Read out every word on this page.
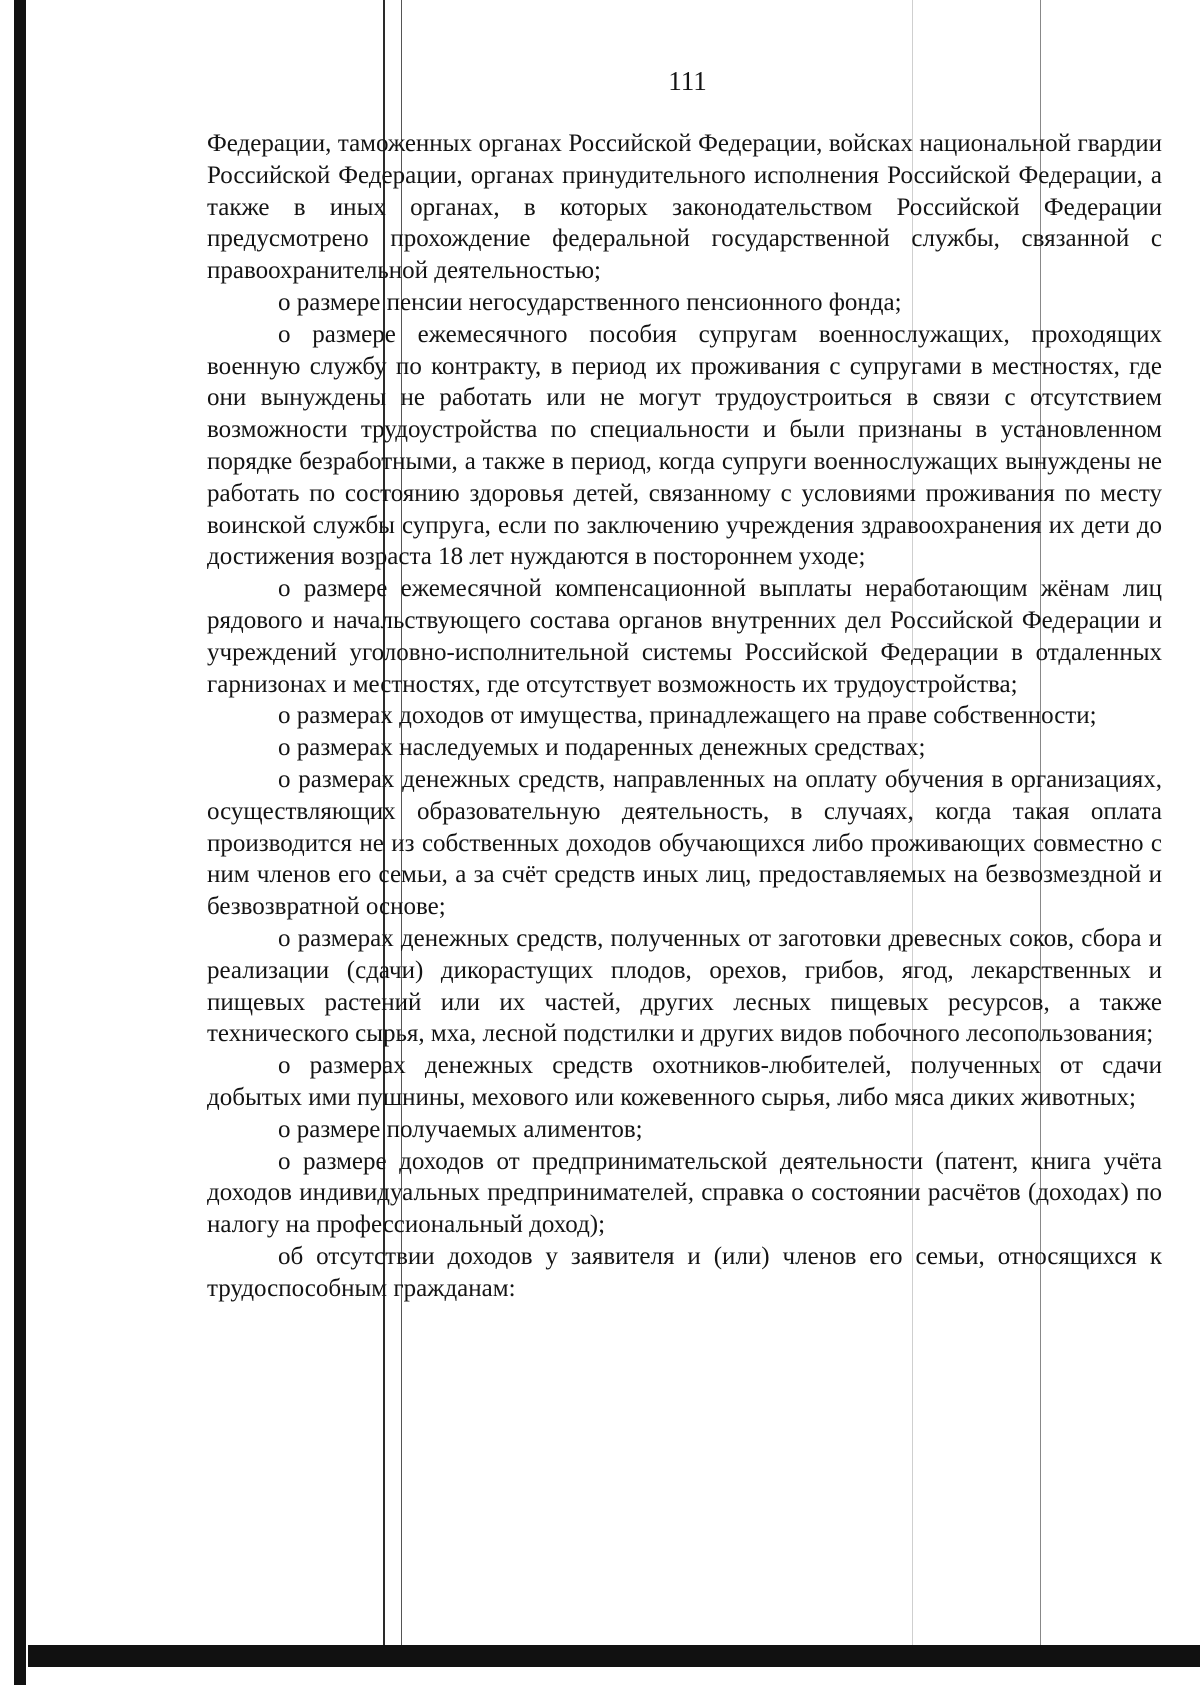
111

Федерации, таможенных органах Российской Федерации, войсках национальной гвардии Российской Федерации, органах принудительного исполнения Российской Федерации, а также в иных органах, в которых законодательством Российской Федерации предусмотрено прохождение федеральной государственной службы, связанной с правоохранительной деятельностью;

о размере пенсии негосударственного пенсионного фонда;

о размере ежемесячного пособия супругам военнослужащих, проходящих военную службу по контракту, в период их проживания с супругами в местностях, где они вынуждены не работать или не могут трудоустроиться в связи с отсутствием возможности трудоустройства по специальности и были признаны в установленном порядке безработными, а также в период, когда супруги военнослужащих вынуждены не работать по состоянию здоровья детей, связанному с условиями проживания по месту воинской службы супруга, если по заключению учреждения здравоохранения их дети до достижения возраста 18 лет нуждаются в постороннем уходе;

о размере ежемесячной компенсационной выплаты неработающим жёнам лиц рядового и начальствующего состава органов внутренних дел Российской Федерации и учреждений уголовно-исполнительной системы Российской Федерации в отдаленных гарнизонах и местностях, где отсутствует возможность их трудоустройства;

о размерах доходов от имущества, принадлежащего на праве собственности;

о размерах наследуемых и подаренных денежных средствах;

о размерах денежных средств, направленных на оплату обучения в организациях, осуществляющих образовательную деятельность, в случаях, когда такая оплата производится не из собственных доходов обучающихся либо проживающих совместно с ним членов его семьи, а за счёт средств иных лиц, предоставляемых на безвозмездной и безвозвратной основе;

о размерах денежных средств, полученных от заготовки древесных соков, сбора и реализации (сдачи) дикорастущих плодов, орехов, грибов, ягод, лекарственных и пищевых растений или их частей, других лесных пищевых ресурсов, а также технического сырья, мха, лесной подстилки и других видов побочного лесопользования;

о размерах денежных средств охотников-любителей, полученных от сдачи добытых ими пушнины, мехового или кожевенного сырья, либо мяса диких животных;

о размере получаемых алиментов;

о размере доходов от предпринимательской деятельности (патент, книга учёта доходов индивидуальных предпринимателей, справка о состоянии расчётов (доходах) по налогу на профессиональный доход);

об отсутствии доходов у заявителя и (или) членов его семьи, относящихся к трудоспособным гражданам:
